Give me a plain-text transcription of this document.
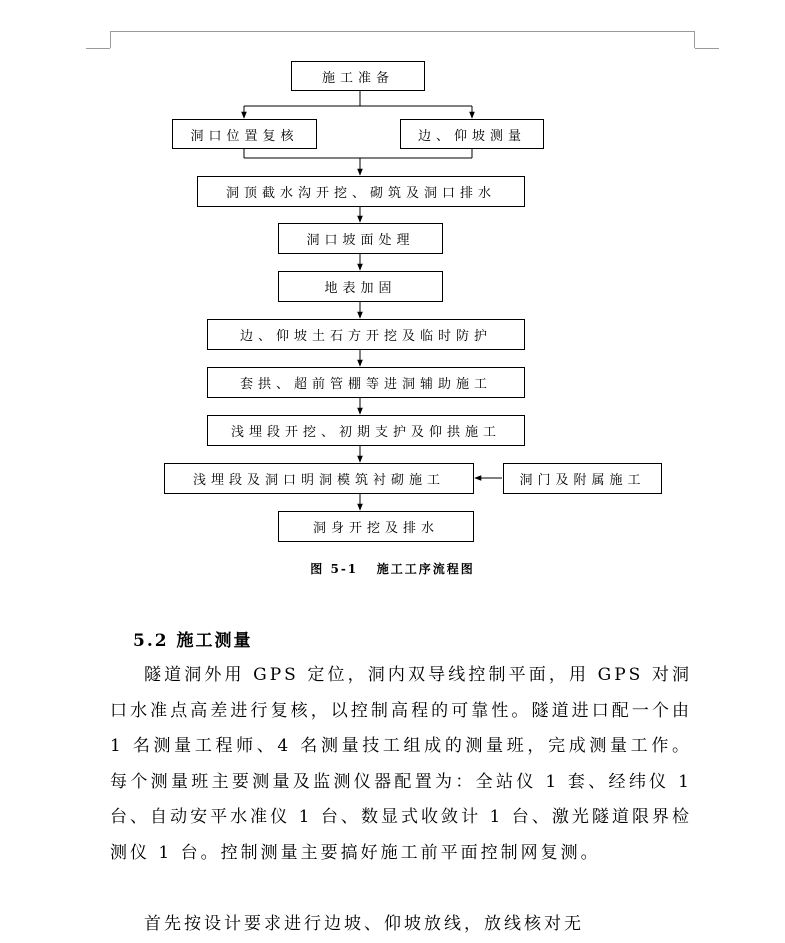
施工准备
洞口位置复核	边、仰坡测量
洞顶截水沟开挖、砌筑及洞口排水
洞口坡面处理
地表加固
边、仰坡土石方开挖及临时防护
套拱、超前管棚等进洞辅助施工
浅埋段开挖、初期支护及仰拱施工
浅埋段及洞口明洞模筑衬砌施工	洞门及附属施工
洞身开挖及排水
图 5-1   施工工序流程图
5.2 施工测量

隧道洞外用 GPS 定位，洞内双导线控制平面，用 GPS 对洞口水准点高差进行复核，以控制高程的可靠性。隧道进口配一个由 1 名测量工程师、4 名测量技工组成的测量班，完成测量工作。每个测量班主要测量及监测仪器配置为：全站仪 1 套、经纬仪 1 台、自动安平水准仪 1 台、数显式收敛计 1 台、激光隧道限界检测仪 1 台。控制测量主要搞好施工前平面控制网复测。

首先按设计要求进行边坡、仰坡放线，放线核对无
